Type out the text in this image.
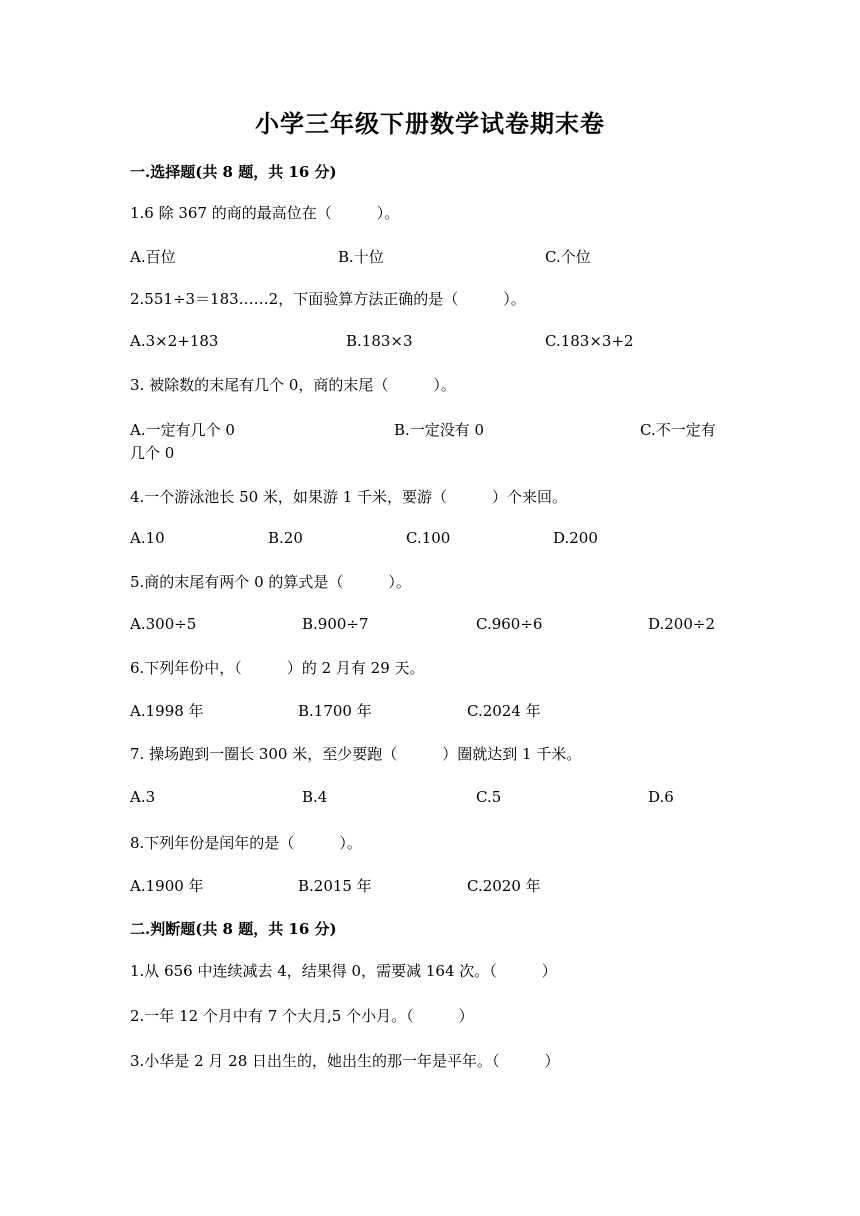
小学三年级下册数学试卷期末卷
一.选择题(共 8 题，共 16 分)
1.6 除 367 的商的最高位在（　　　）。
A.百位	B.十位	C.个位
2.551÷3＝183……2，下面验算方法正确的是（　　　）。
A.3×2+183	B.183×3	C.183×3+2
3. 被除数的末尾有几个 0，商的末尾（　　　）。
A.一定有几个 0	B.一定没有 0	C.不一定有
几个 0
4.一个游泳池长 50 米，如果游 1 千米，要游（　　　）个来回。
A.10	B.20	C.100	D.200
5.商的末尾有两个 0 的算式是（　　　）。
A.300÷5	B.900÷7	C.960÷6	D.200÷2
6.下列年份中，（　　　）的 2 月有 29 天。
A.1998 年	B.1700 年	C.2024 年
7. 操场跑到一圈长 300 米，至少要跑（　　　）圈就达到 1 千米。
A.3	B.4	C.5	D.6
8.下列年份是闰年的是（　　　）。
A.1900 年	B.2015 年	C.2020 年
二.判断题(共 8 题，共 16 分)
1.从 656 中连续减去 4，结果得 0，需要减 164 次。（　　　）
2.一年 12 个月中有 7 个大月,5 个小月。（　　　）
3.小华是 2 月 28 日出生的，她出生的那一年是平年。（　　　）
